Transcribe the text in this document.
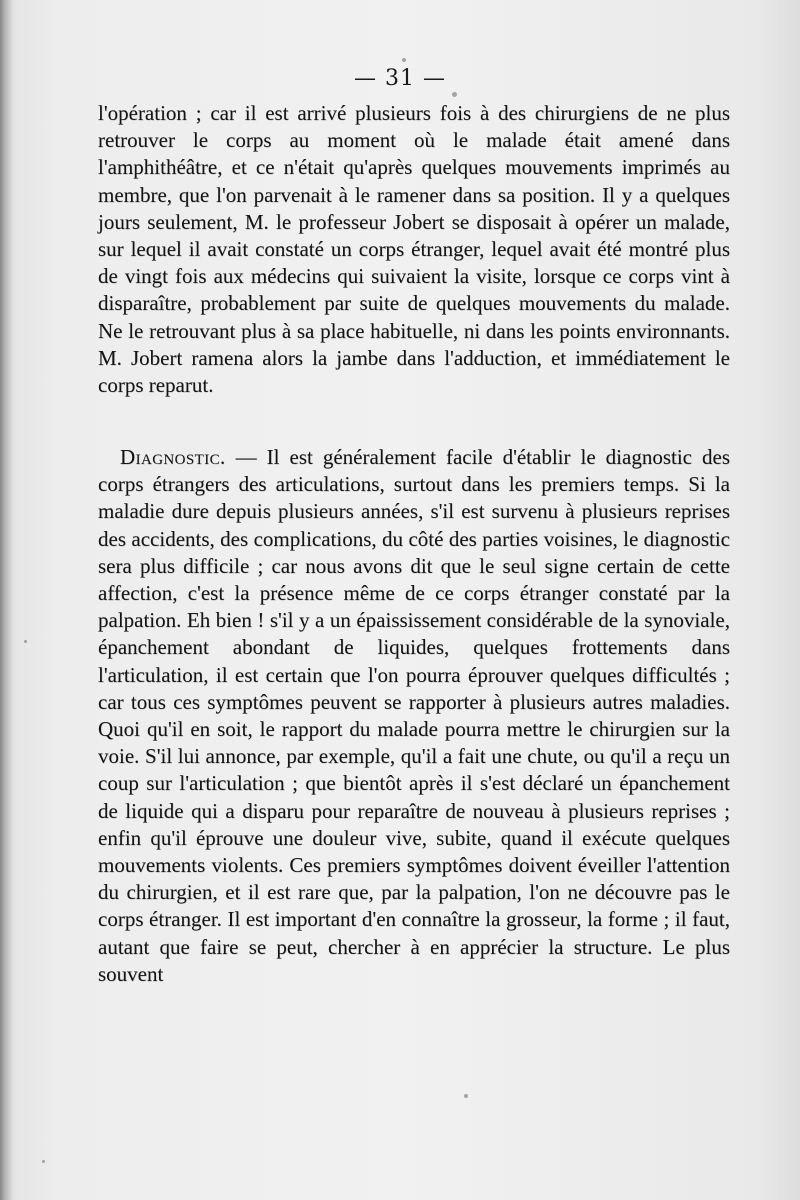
— 31 —

l'opération ; car il est arrivé plusieurs fois à des chirurgiens de ne plus retrouver le corps au moment où le malade était amené dans l'amphithéâtre, et ce n'était qu'après quelques mouvements imprimés au membre, que l'on parvenait à le ramener dans sa position. Il y a quelques jours seulement, M. le professeur Jobert se disposait à opérer un malade, sur lequel il avait constaté un corps étranger, lequel avait été montré plus de vingt fois aux médecins qui suivaient la visite, lorsque ce corps vint à disparaître, probablement par suite de quelques mouvements du malade. Ne le retrouvant plus à sa place habituelle, ni dans les points environnants. M. Jobert ramena alors la jambe dans l'adduction, et immédiatement le corps reparut.

Diagnostic. — Il est généralement facile d'établir le diagnostic des corps étrangers des articulations, surtout dans les premiers temps. Si la maladie dure depuis plusieurs années, s'il est survenu à plusieurs reprises des accidents, des complications, du côté des parties voisines, le diagnostic sera plus difficile ; car nous avons dit que le seul signe certain de cette affection, c'est la présence même de ce corps étranger constaté par la palpation. Eh bien ! s'il y a un épaississement considérable de la synoviale, épanchement abondant de liquides, quelques frottements dans l'articulation, il est certain que l'on pourra éprouver quelques difficultés ; car tous ces symptômes peuvent se rapporter à plusieurs autres maladies. Quoi qu'il en soit, le rapport du malade pourra mettre le chirurgien sur la voie. S'il lui annonce, par exemple, qu'il a fait une chute, ou qu'il a reçu un coup sur l'articulation ; que bientôt après il s'est déclaré un épanchement de liquide qui a disparu pour reparaître de nouveau à plusieurs reprises ; enfin qu'il éprouve une douleur vive, subite, quand il exécute quelques mouvements violents. Ces premiers symptômes doivent éveiller l'attention du chirurgien, et il est rare que, par la palpation, l'on ne découvre pas le corps étranger. Il est important d'en connaître la grosseur, la forme ; il faut, autant que faire se peut, chercher à en apprécier la structure. Le plus souvent
